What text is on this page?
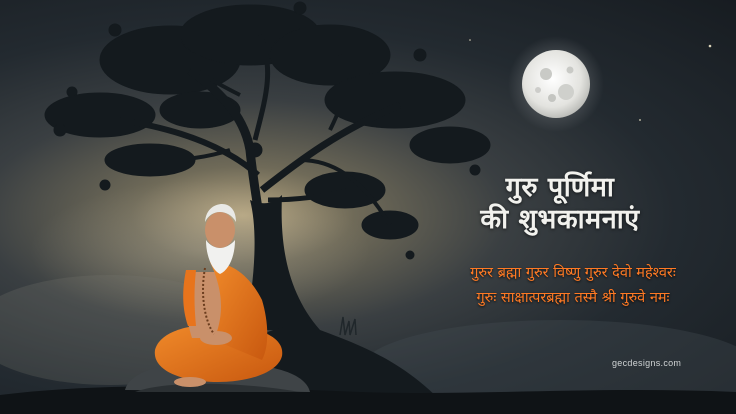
गुरु पूर्णिमा
की शुभकामनाएं

गुरुर ब्रह्मा गुरुर विष्णु गुरुर देवो महेश्वरः

गुरुः साक्षात्परब्रह्मा तस्मै श्री गुरुवे नमः

gecdesigns.com
